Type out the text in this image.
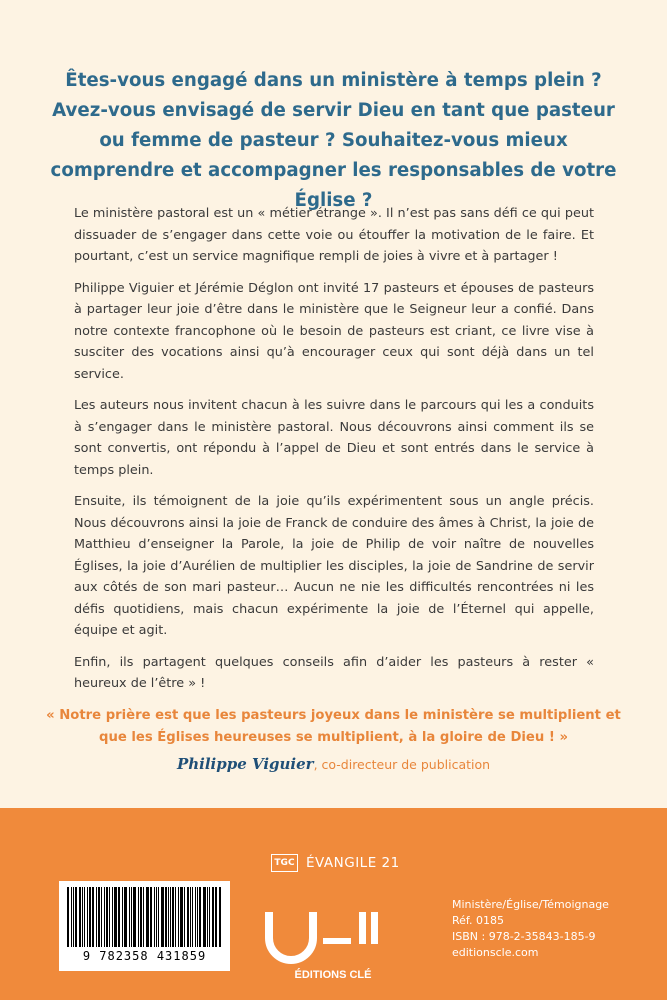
Êtes-vous engagé dans un ministère à temps plein ? Avez-vous envisagé de servir Dieu en tant que pasteur ou femme de pasteur ? Souhaitez-vous mieux comprendre et accompagner les responsables de votre Église ?

Le ministère pastoral est un « métier étrange ». Il n’est pas sans défi ce qui peut dissuader de s’engager dans cette voie ou étouffer la motivation de le faire. Et pourtant, c’est un service magnifique rempli de joies à vivre et à partager !

Philippe Viguier et Jérémie Déglon ont invité 17 pasteurs et épouses de pasteurs à partager leur joie d’être dans le ministère que le Seigneur leur a confié. Dans notre contexte francophone où le besoin de pasteurs est criant, ce livre vise à susciter des vocations ainsi qu’à encourager ceux qui sont déjà dans un tel service.

Les auteurs nous invitent chacun à les suivre dans le parcours qui les a conduits à s’engager dans le ministère pastoral. Nous découvrons ainsi comment ils se sont convertis, ont répondu à l’appel de Dieu et sont entrés dans le service à temps plein.

Ensuite, ils témoignent de la joie qu’ils expérimentent sous un angle précis. Nous découvrons ainsi la joie de Franck de conduire des âmes à Christ, la joie de Matthieu d’enseigner la Parole, la joie de Philip de voir naître de nouvelles Églises, la joie d’Aurélien de multiplier les disciples, la joie de Sandrine de servir aux côtés de son mari pasteur… Aucun ne nie les difficultés rencontrées ni les défis quotidiens, mais chacun expérimente la joie de l’Éternel qui appelle, équipe et agit.

Enfin, ils partagent quelques conseils afin d’aider les pasteurs à rester « heureux de l’être » !

« Notre prière est que les pasteurs joyeux dans le ministère se multiplient et que les Églises heureuses se multiplient, à la gloire de Dieu ! »

Philippe Viguier, co-directeur de publication
TGC ÉVANGILE 21
9 782358 431859
ÉDITIONS CLÉ
Ministère/Église/Témoignage
Réf. 0185
ISBN : 978-2-35843-185-9
editionscle.com
